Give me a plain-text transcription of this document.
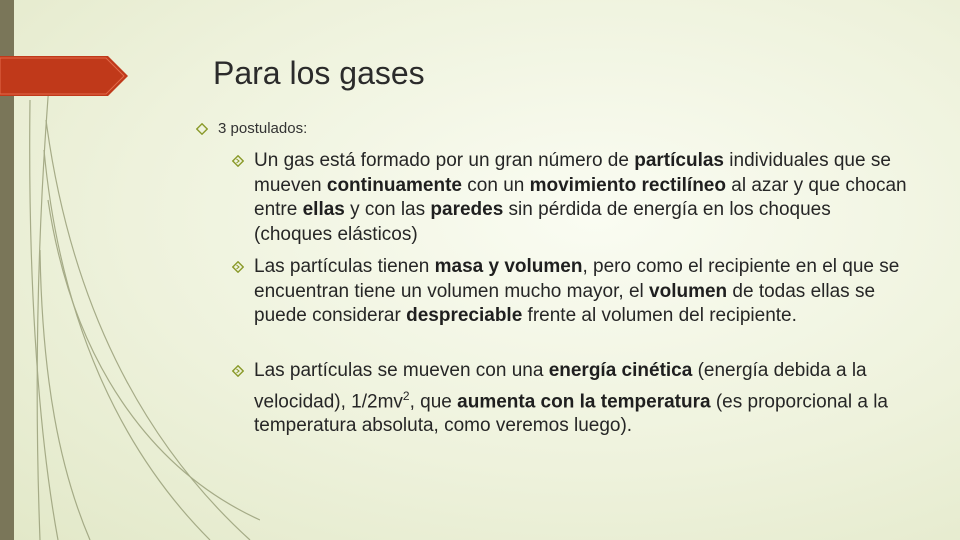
Para los gases
3 postulados:
Un gas está formado por un gran número de partículas individuales que se mueven continuamente con un movimiento rectilíneo al azar y que chocan entre ellas y con las paredes sin pérdida de energía en los choques (choques elásticos)
Las partículas tienen masa y volumen, pero como el recipiente en el que se encuentran tiene un volumen mucho mayor, el volumen de todas ellas se puede considerar despreciable frente al volumen del recipiente.
Las partículas se mueven con una energía cinética (energía debida a la velocidad), $1/2mv^2$, que aumenta con la temperatura (es proporcional a la temperatura absoluta, como veremos luego).
